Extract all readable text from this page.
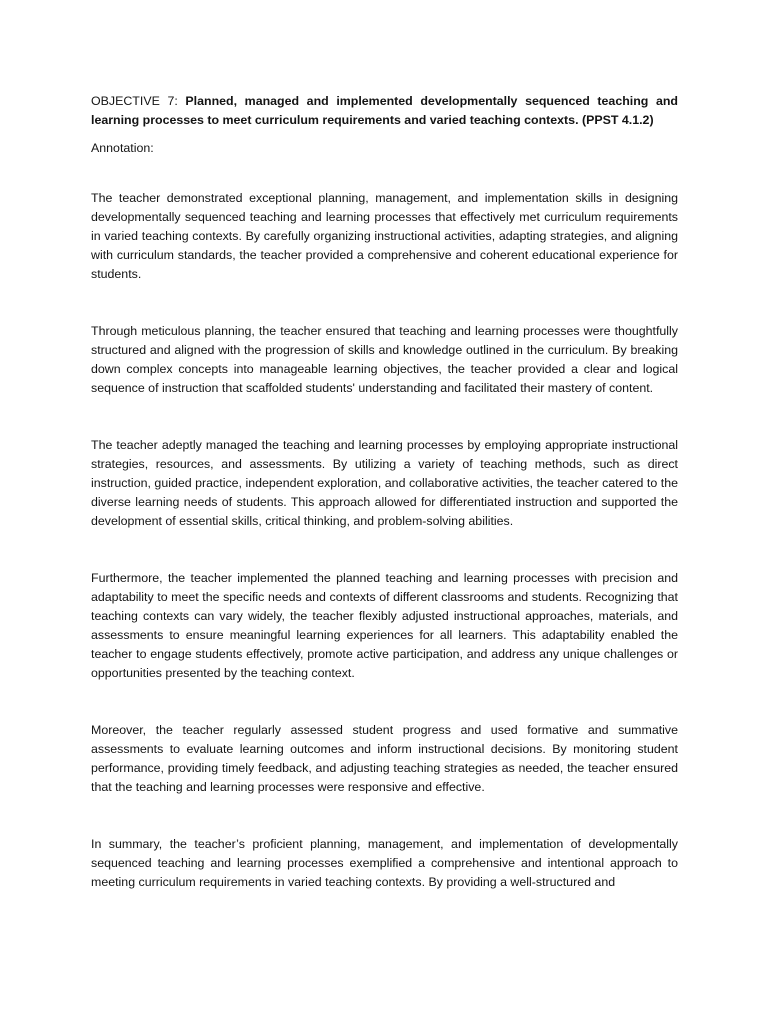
OBJECTIVE 7: Planned, managed and implemented developmentally sequenced teaching and learning processes to meet curriculum requirements and varied teaching contexts. (PPST 4.1.2)

Annotation:

The teacher demonstrated exceptional planning, management, and implementation skills in designing developmentally sequenced teaching and learning processes that effectively met curriculum requirements in varied teaching contexts. By carefully organizing instructional activities, adapting strategies, and aligning with curriculum standards, the teacher provided a comprehensive and coherent educational experience for students.

Through meticulous planning, the teacher ensured that teaching and learning processes were thoughtfully structured and aligned with the progression of skills and knowledge outlined in the curriculum. By breaking down complex concepts into manageable learning objectives, the teacher provided a clear and logical sequence of instruction that scaffolded students' understanding and facilitated their mastery of content.

The teacher adeptly managed the teaching and learning processes by employing appropriate instructional strategies, resources, and assessments. By utilizing a variety of teaching methods, such as direct instruction, guided practice, independent exploration, and collaborative activities, the teacher catered to the diverse learning needs of students. This approach allowed for differentiated instruction and supported the development of essential skills, critical thinking, and problem-solving abilities.

Furthermore, the teacher implemented the planned teaching and learning processes with precision and adaptability to meet the specific needs and contexts of different classrooms and students. Recognizing that teaching contexts can vary widely, the teacher flexibly adjusted instructional approaches, materials, and assessments to ensure meaningful learning experiences for all learners. This adaptability enabled the teacher to engage students effectively, promote active participation, and address any unique challenges or opportunities presented by the teaching context.

Moreover, the teacher regularly assessed student progress and used formative and summative assessments to evaluate learning outcomes and inform instructional decisions. By monitoring student performance, providing timely feedback, and adjusting teaching strategies as needed, the teacher ensured that the teaching and learning processes were responsive and effective.

In summary, the teacher’s proficient planning, management, and implementation of developmentally sequenced teaching and learning processes exemplified a comprehensive and intentional approach to meeting curriculum requirements in varied teaching contexts. By providing a well-structured and
